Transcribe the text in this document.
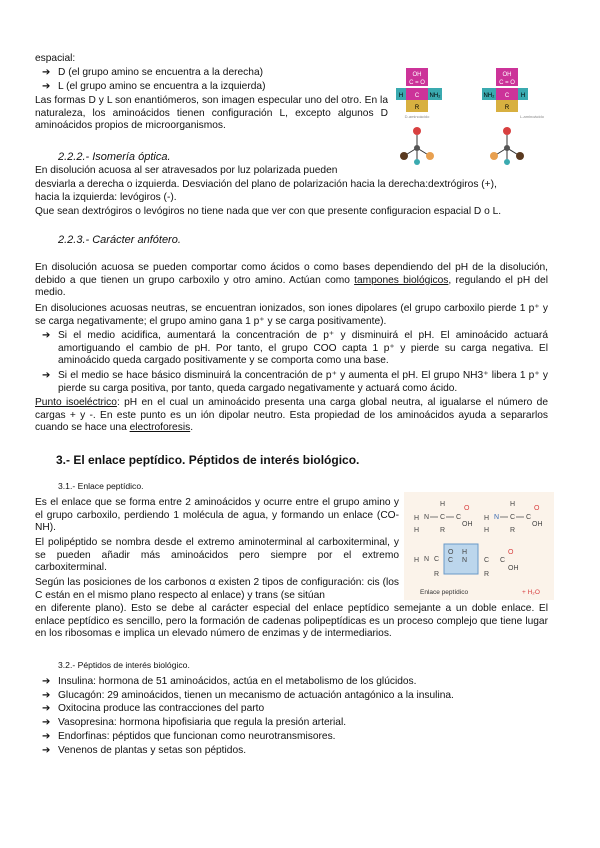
espacial:
➔ D (el grupo amino se encuentra a la derecha)
➔ L (el grupo amino se encuentra a la izquierda)
Las formas D y L son enantiómeros, son imagen especular uno del otro. En la naturaleza, los aminoácidos tienen configuración L, excepto algunos D aminoácidos propios de microorganismos.
OH
C = O
C
H	NH₂
R
D-aminoácido
OH
C = O
C
NH₂	H
R
L-aminoácido
2.2.2.- Isomería óptica.
En disolución acuosa al ser atravesados por luz polarizada pueden
desviarla a derecha o izquierda. Desviación del plano de polarización hacia la derecha:dextrógiros (+),
hacia la izquierda: levógiros (-).
Que sean dextrógiros o levógiros no tiene nada que ver con que presente configuracion espacial D o L.
2.2.3.- Carácter anfótero.
En disolución acuosa se pueden comportar como ácidos o como bases dependiendo del pH de la disolución, debido a que tienen un grupo carboxilo y otro amino. Actúan como tampones biológicos, regulando el pH del medio.
En disoluciones acuosas neutras, se encuentran ionizados, son iones dipolares (el grupo carboxilo pierde 1 p⁺ y se carga negativamente; el grupo amino gana 1 p⁺ y se carga positivamente).
➔ Si el medio acidifica, aumentará la concentración de p⁺ y disminuirá el pH. El aminoácido actuará amortiguando el cambio de pH. Por tanto, el grupo COO capta 1 p⁺ y pierde su carga negativa. El aminoácido queda cargado positivamente y se comporta como una base.
➔ Si el medio se hace básico disminuirá la concentración de p⁺ y aumenta el pH. El grupo NH3⁺ libera 1 p⁺ y pierde su carga positiva, por tanto, queda cargado negativamente y actuará como ácido.
Punto isoeléctrico: pH en el cual un aminoácido presenta una carga global neutra, al igualarse el número de cargas + y -. En este punto es un ión dipolar neutro. Esta propiedad de los aminoácidos ayuda a separarlos cuando se hace una electroforesis.
3.- El enlace peptídico. Péptidos de interés biológico.
3.1.- Enlace peptídico.
Es el enlace que se forma entre 2 aminoácidos y ocurre entre el grupo amino y el grupo carboxilo, perdiendo 1 molécula de agua, y formando un enlace (CO-NH).
El polipéptido se nombra desde el extremo aminoterminal al carboxiterminal, y se pueden añadir más aminoácidos pero siempre por el extremo carboxiterminal.
Según las posiciones de los carbonos α existen 2 tipos de configuración: cis (los C están en el mismo plano respecto al enlace) y trans (se sitúan
en diferente plano). Esto se debe al carácter especial del enlace peptídico semejante a un doble enlace. El enlace peptídico es sencillo, pero la formación de cadenas polipeptídicas es un proceso complejo que tiene lugar en los ribosomas e implica un elevado número de enzimas y de intermediarios.
H N
H
C
H
R
C
O
OH
H N
H
C
H
R
C
O
OH
H N C
O
C
H
N C C
O
OH
R	R
Enlace peptídico	+ H₂O
3.2.- Péptidos de interés biológico.
➔ Insulina: hormona de 51 aminoácidos, actúa en el metabolismo de los glúcidos.
➔ Glucagón: 29 aminoácidos, tienen un mecanismo de actuación antagónico a la insulina.
➔ Oxitocina produce las contracciones del parto
➔ Vasopresina: hormona hipofisiaria que regula la presión arterial.
➔ Endorfinas: péptidos que funcionan como neurotransmisores.
➔ Venenos de plantas y setas son péptidos.
